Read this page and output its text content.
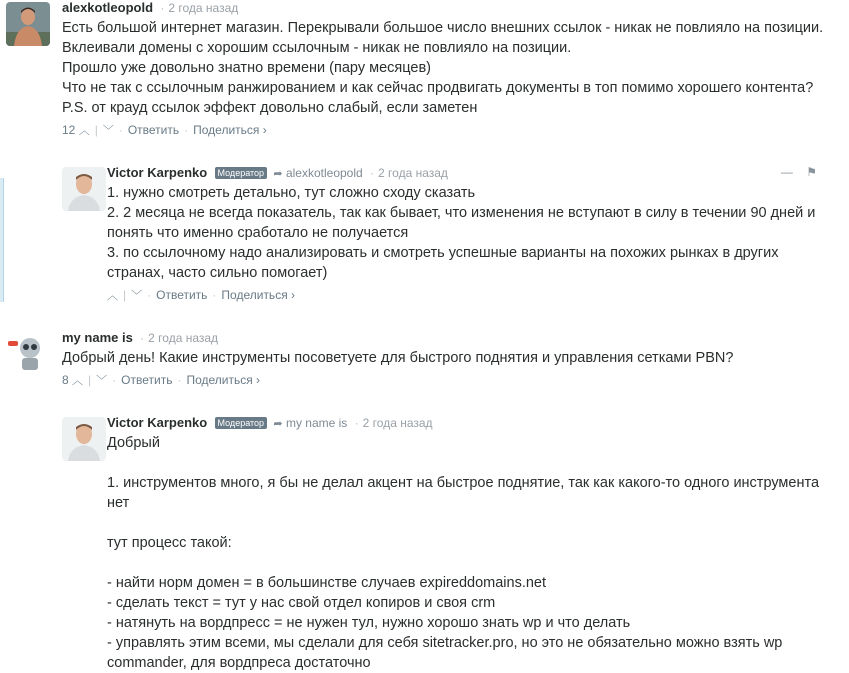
alexkotleopold · 2 года назад

Есть большой интернет магазин. Перекрывали большое число внешних ссылок - никак не повлияло на позиции.

Вклеивали домены с хорошим ссылочным - никак не повлияло на позиции.

Прошло уже довольно знатно времени (пару месяцев)

Что не так с ссылочным ранжированием и как сейчас продвигать документы в топ помимо хорошего контента?

P.S. от крауд ссылок эффект довольно слабый, если заметен

12 ︿ | ﹀ · Ответить · Поделиться ›
Victor Karpenko Модератор ➦ alexkotleopold · 2 года назад	— ⚑

1. нужно смотреть детально, тут сложно сходу сказать

2. 2 месяца не всегда показатель, так как бывает, что изменения не вступают в силу в течении 90 дней и

понять что именно сработало не получается

3. по ссылочному надо анализировать и смотреть успешные варианты на похожих рынках в других

странах, часто сильно помогает)

︿ | ﹀ · Ответить · Поделиться ›
my name is · 2 года назад

Добрый день! Какие инструменты посоветуете для быстрого поднятия и управления сетками PBN?

8 ︿ | ﹀ · Ответить · Поделиться ›
Victor Karpenko Модератор ➦ my name is · 2 года назад

Добрый

1. инструментов много, я бы не делал акцент на быстрое поднятие, так как какого-то одного инструмента

нет

тут процесс такой:

- найти норм домен = в большинстве случаев expireddomains.net

- сделать текст = тут у нас свой отдел копиров и своя crm

- натянуть на вордпресс = не нужен тул, нужно хорошо знать wp и что делать

- управлять этим всеми, мы сделали для себя sitetracker.pro, но это не обязательно можно взять wp

commander, для вордпреса достаточно
